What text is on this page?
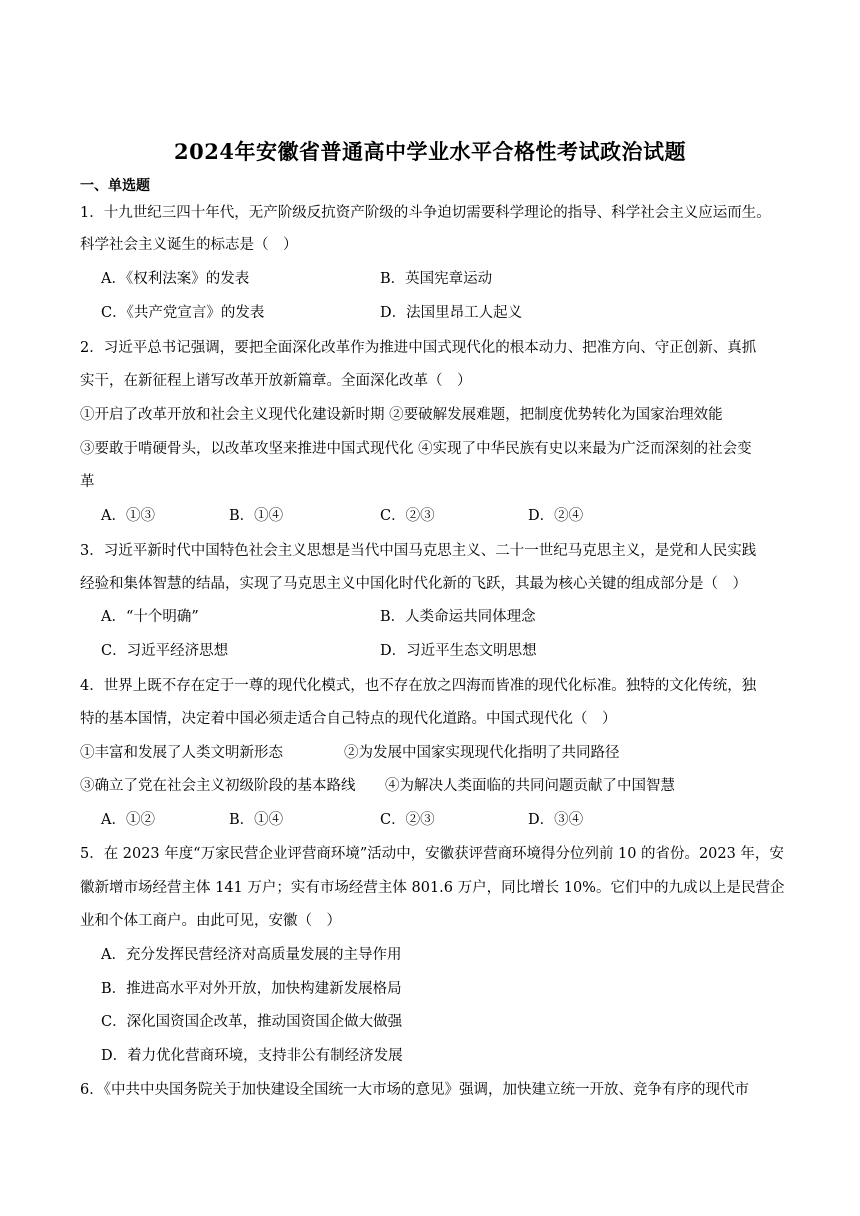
2024年安徽省普通高中学业水平合格性考试政治试题
一、单选题
1．十九世纪三四十年代，无产阶级反抗资产阶级的斗争迫切需要科学理论的指导、科学社会主义应运而生。
科学社会主义诞生的标志是（　）
A．《权利法案》的发表	B．英国宪章运动
C．《共产党宣言》的发表	D．法国里昂工人起义
2．习近平总书记强调，要把全面深化改革作为推进中国式现代化的根本动力、把准方向、守正创新、真抓
实干，在新征程上谱写改革开放新篇章。全面深化改革（　）
①开启了改革开放和社会主义现代化建设新时期 ②要破解发展难题，把制度优势转化为国家治理效能
③要敢于啃硬骨头，以改革攻坚来推进中国式现代化 ④实现了中华民族有史以来最为广泛而深刻的社会变
革
A．①③	B．①④	C．②③	D．②④
3．习近平新时代中国特色社会主义思想是当代中国马克思主义、二十一世纪马克思主义，是党和人民实践
经验和集体智慧的结晶，实现了马克思主义中国化时代化新的飞跃，其最为核心关键的组成部分是（　）
A．“十个明确”	B．人类命运共同体理念
C．习近平经济思想	D．习近平生态文明思想
4．世界上既不存在定于一尊的现代化模式，也不存在放之四海而皆准的现代化标准。独特的文化传统，独
特的基本国情，决定着中国必须走适合自己特点的现代化道路。中国式现代化（　）
①丰富和发展了人类文明新形态	②为发展中国家实现现代化指明了共同路径
③确立了党在社会主义初级阶段的基本路线 ④为解决人类面临的共同问题贡献了中国智慧
A．①②	B．①④	C．②③	D．③④
5．在 2023 年度“万家民营企业评营商环境”活动中，安徽获评营商环境得分位列前 10 的省份。2023 年，安
徽新增市场经营主体 141 万户；实有市场经营主体 801.6 万户，同比增长 10%。它们中的九成以上是民营企
业和个体工商户。由此可见，安徽（　）
A．充分发挥民营经济对高质量发展的主导作用
B．推进高水平对外开放，加快构建新发展格局
C．深化国资国企改革，推动国资国企做大做强
D．着力优化营商环境，支持非公有制经济发展
6．《中共中央国务院关于加快建设全国统一大市场的意见》强调，加快建立统一开放、竞争有序的现代市
